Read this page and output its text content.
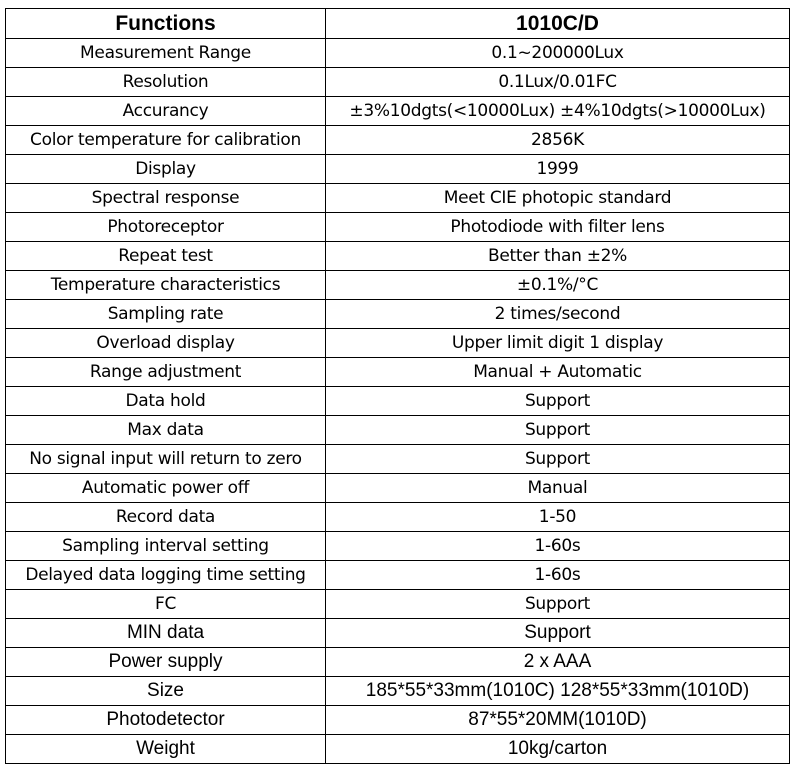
Functions	1010C/D
Measurement Range	0.1~200000Lux
Resolution	0.1Lux/0.01FC
Accurancy	±3%10dgts(<10000Lux) ±4%10dgts(>10000Lux)
Color temperature for calibration	2856K
Display	1999
Spectral response	Meet CIE photopic standard
Photoreceptor	Photodiode with filter lens
Repeat test	Better than ±2%
Temperature characteristics	±0.1%/°C
Sampling rate	2 times/second
Overload display	Upper limit digit 1 display
Range adjustment	Manual + Automatic
Data hold	Support
Max data	Support
No signal input will return to zero	Support
Automatic power off	Manual
Record data	1-50
Sampling interval setting	1-60s
Delayed data logging time setting	1-60s
FC	Support
MIN data	Support
Power supply	2 x AAA
Size	185*55*33mm(1010C) 128*55*33mm(1010D)
Photodetector	87*55*20MM(1010D)
Weight	10kg/carton
